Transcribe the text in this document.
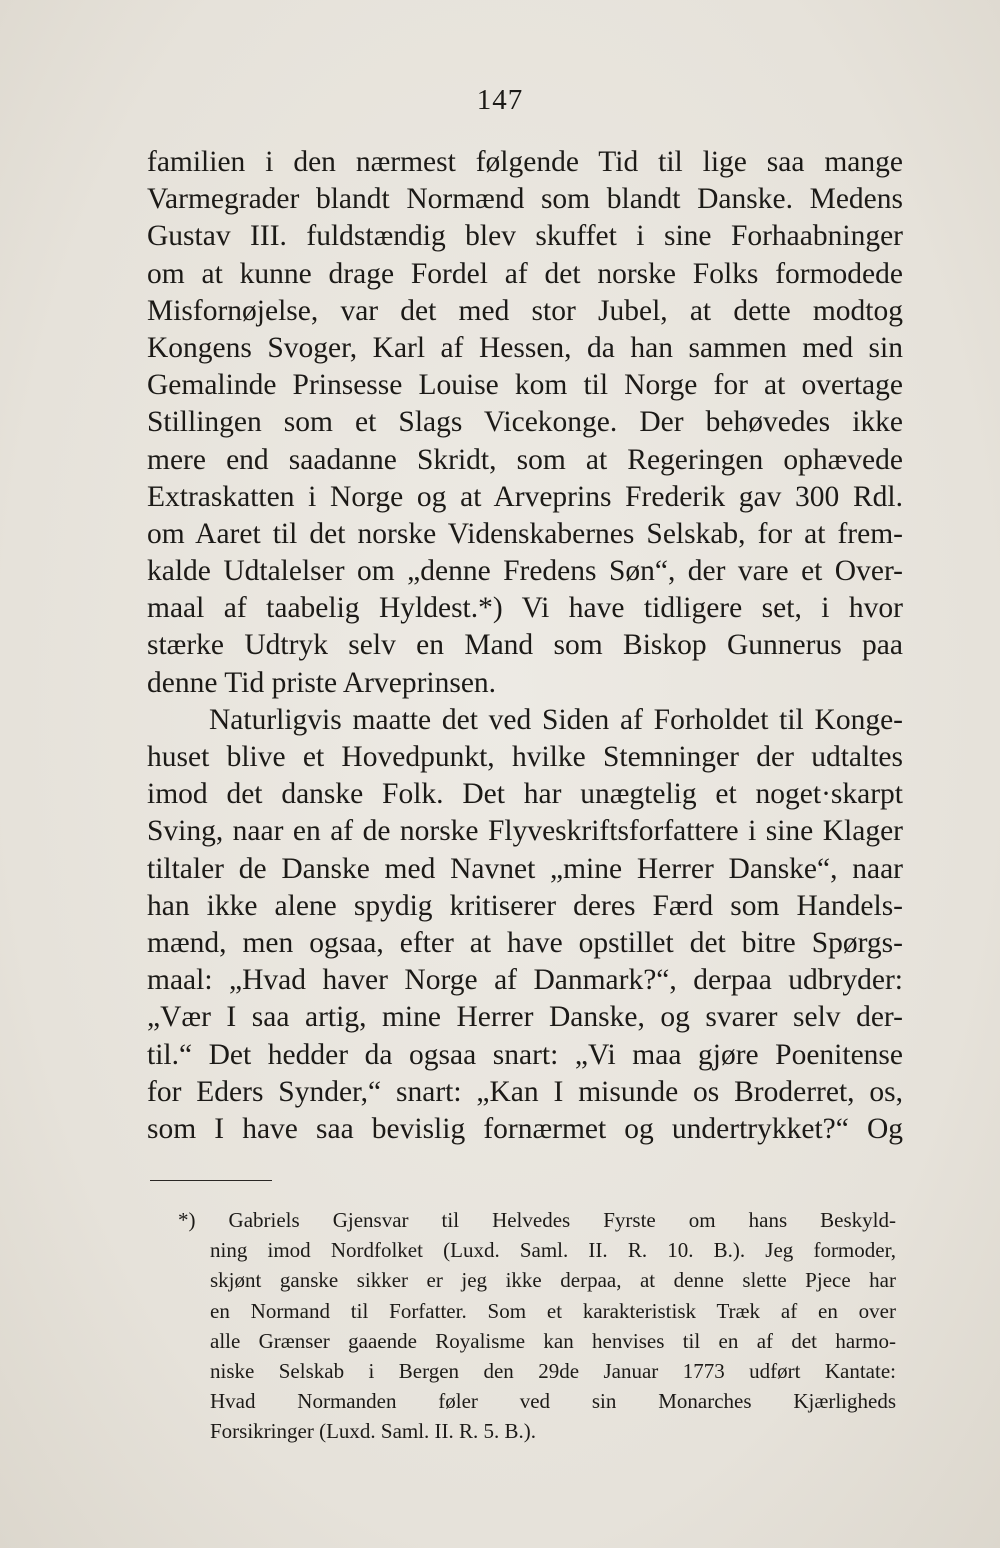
147
familien i den nærmest følgende Tid til lige saa mange
Varmegrader blandt Normænd som blandt Danske. Medens
Gustav III. fuldstændig blev skuffet i sine Forhaabninger
om at kunne drage Fordel af det norske Folks formodede
Misfornøjelse, var det med stor Jubel, at dette modtog
Kongens Svoger, Karl af Hessen, da han sammen med sin
Gemalinde Prinsesse Louise kom til Norge for at overtage
Stillingen som et Slags Vicekonge. Der behøvedes ikke
mere end saadanne Skridt, som at Regeringen ophævede
Extraskatten i Norge og at Arveprins Frederik gav 300 Rdl.
om Aaret til det norske Videnskabernes Selskab, for at frem-
kalde Udtalelser om „denne Fredens Søn“, der vare et Over-
maal af taabelig Hyldest.*) Vi have tidligere set, i hvor
stærke Udtryk selv en Mand som Biskop Gunnerus paa
denne Tid priste Arveprinsen.
Naturligvis maatte det ved Siden af Forholdet til Konge-
huset blive et Hovedpunkt, hvilke Stemninger der udtaltes
imod det danske Folk. Det har unægtelig et noget·skarpt
Sving, naar en af de norske Flyveskriftsforfattere i sine Klager
tiltaler de Danske med Navnet „mine Herrer Danske“, naar
han ikke alene spydig kritiserer deres Færd som Handels-
mænd, men ogsaa, efter at have opstillet det bitre Spørgs-
maal: „Hvad haver Norge af Danmark?“, derpaa udbryder:
„Vær I saa artig, mine Herrer Danske, og svarer selv der-
til.“ Det hedder da ogsaa snart: „Vi maa gjøre Poenitense
for Eders Synder,“ snart: „Kan I misunde os Broderret, os,
som I have saa bevislig fornærmet og undertrykket?“ Og
*) Gabriels Gjensvar til Helvedes Fyrste om hans Beskyld-
ning imod Nordfolket (Luxd. Saml. II. R. 10. B.). Jeg formoder,
skjønt ganske sikker er jeg ikke derpaa, at denne slette Pjece har
en Normand til Forfatter. Som et karakteristisk Træk af en over
alle Grænser gaaende Royalisme kan henvises til en af det harmo-
niske Selskab i Bergen den 29de Januar 1773 udført Kantate:
Hvad Normanden føler ved sin Monarches Kjærligheds
Forsikringer (Luxd. Saml. II. R. 5. B.).
